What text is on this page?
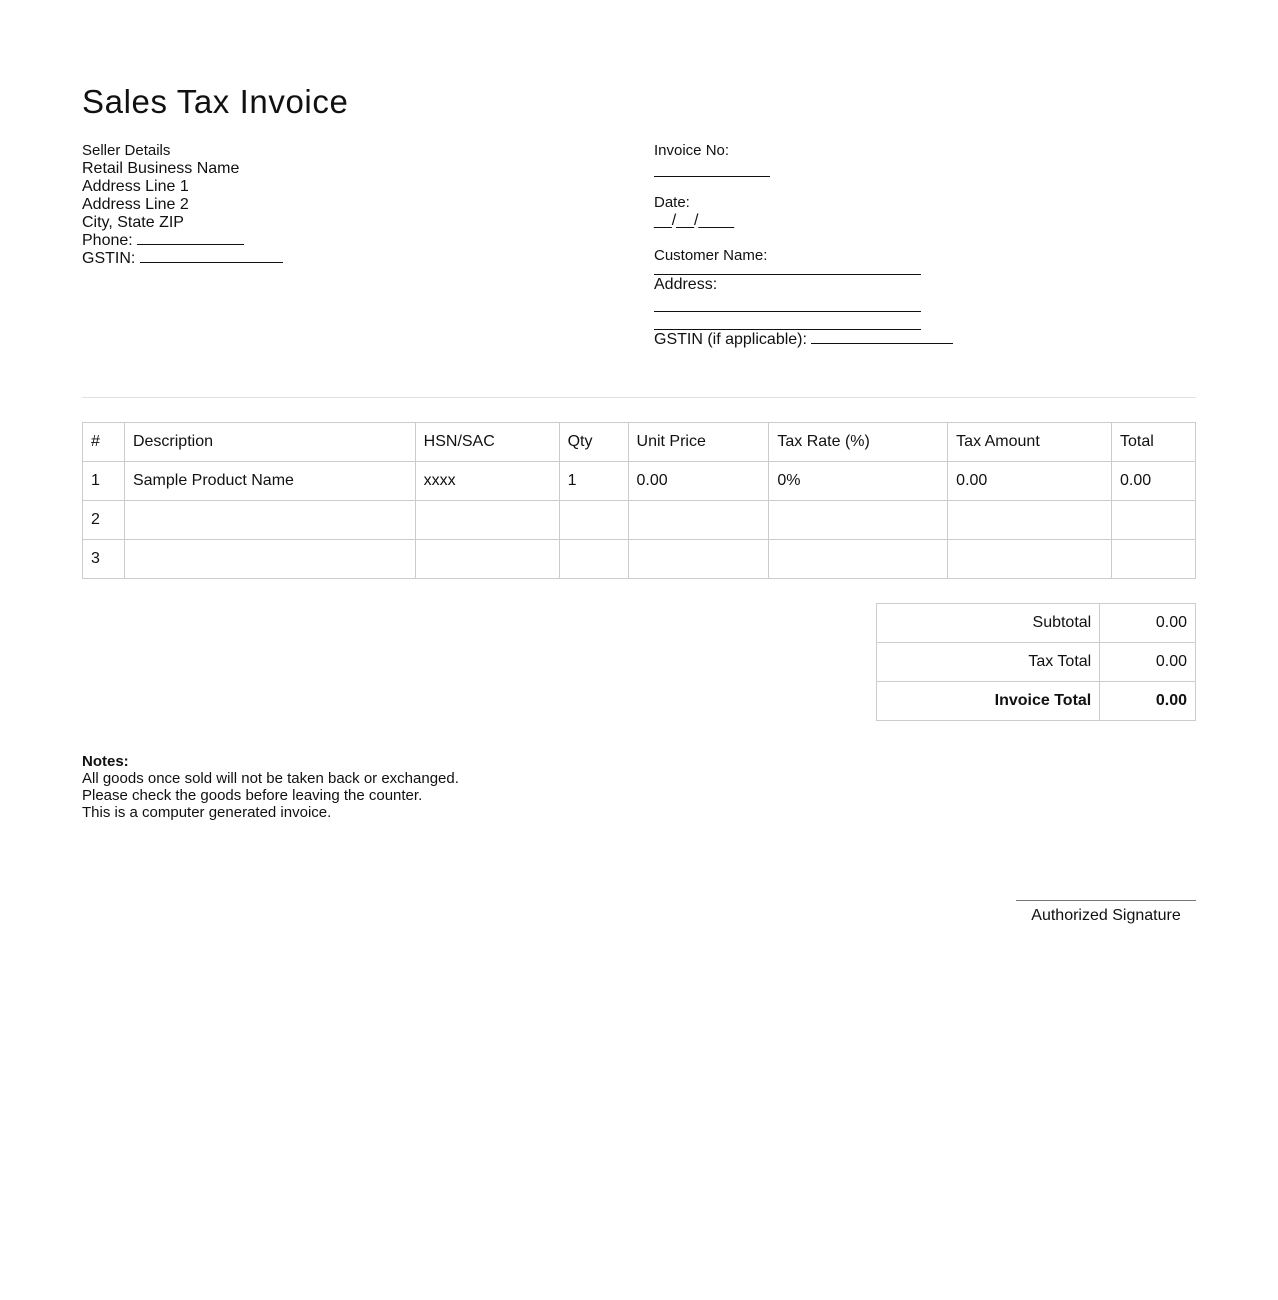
Sales Tax Invoice
Seller Details
Retail Business Name
Address Line 1
Address Line 2
City, State ZIP
Phone:
GSTIN:
Invoice No:
Date:
__/__/____
Customer Name:
Address:
GSTIN (if applicable):
#	Description	HSN/SAC	Qty	Unit Price	Tax Rate (%)	Tax Amount	Total
1	Sample Product Name	xxxx	1	0.00	0%	0.00	0.00
2							
3							
Subtotal	0.00
Tax Total	0.00
Invoice Total	0.00
Notes:
All goods once sold will not be taken back or exchanged.
Please check the goods before leaving the counter.
This is a computer generated invoice.
Authorized Signature
